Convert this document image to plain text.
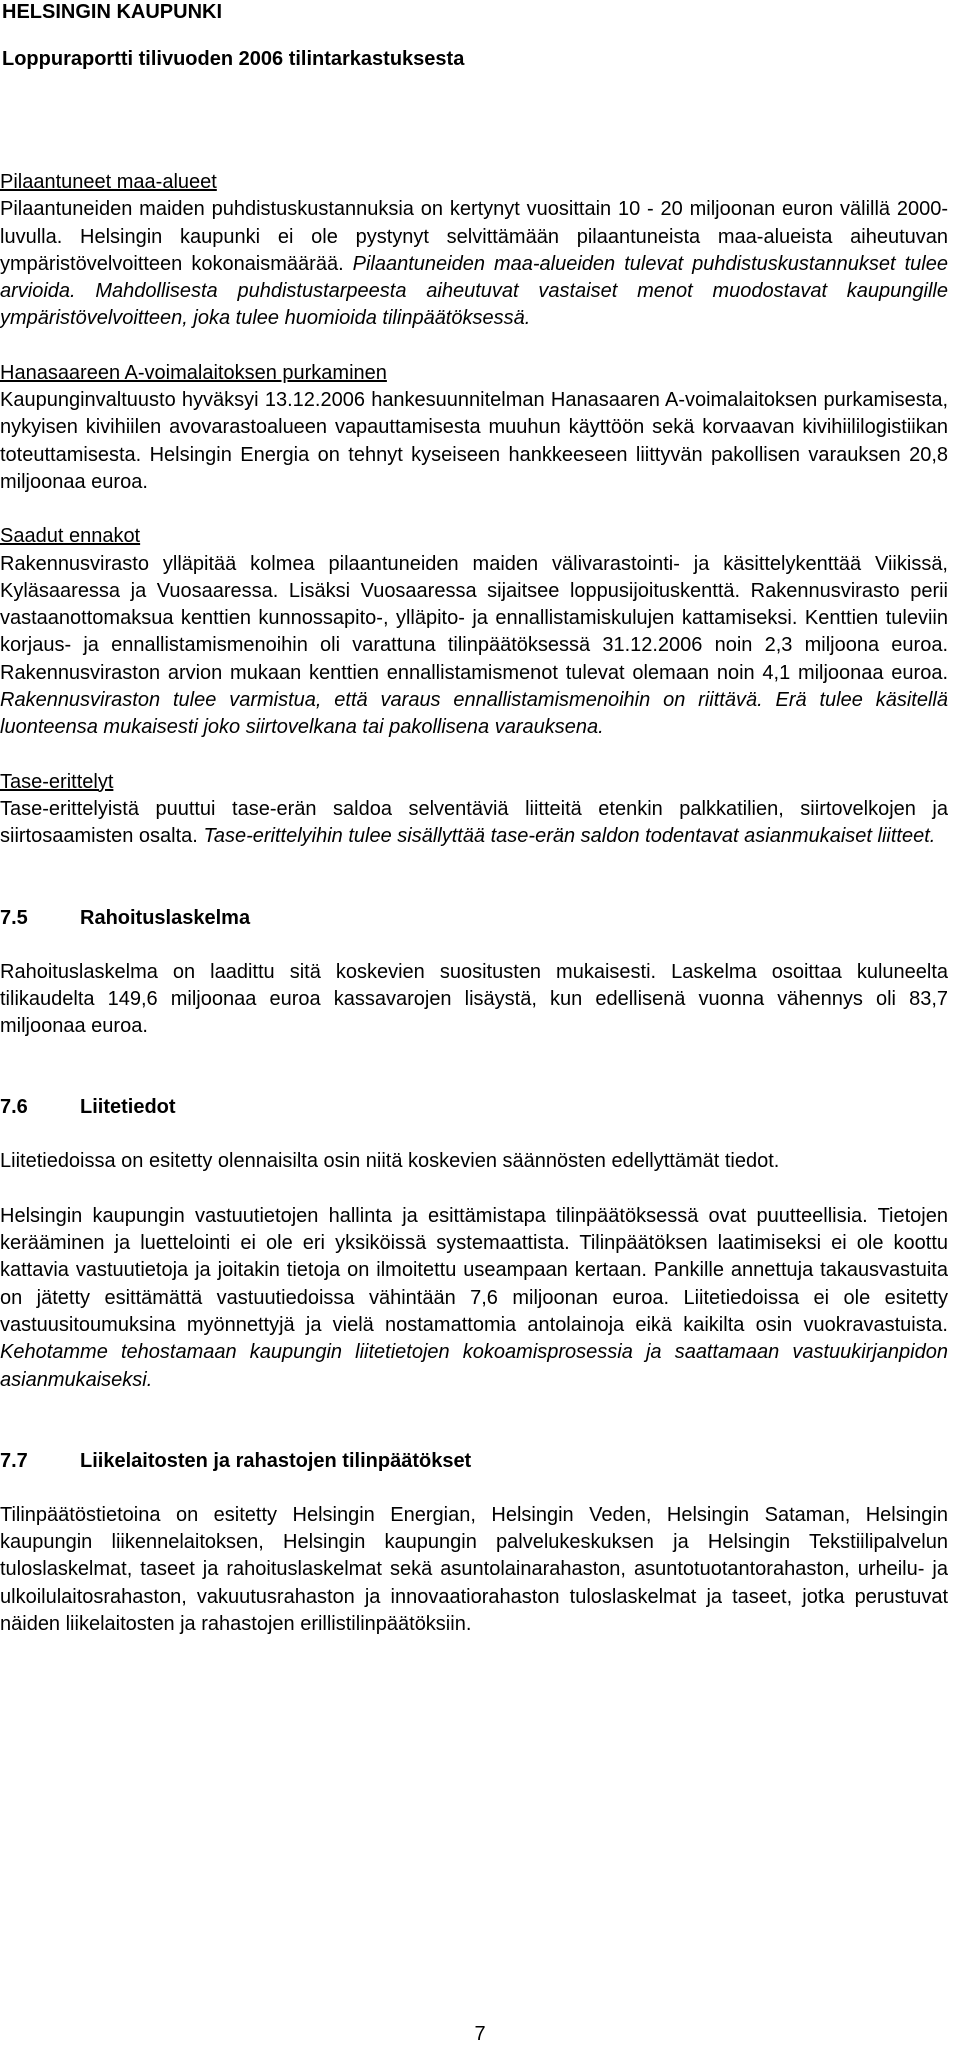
HELSINGIN KAUPUNKI
Loppuraportti tilivuoden 2006 tilintarkastuksesta

Pilaantuneet maa-alueet

Pilaantuneiden maiden puhdistuskustannuksia on kertynyt vuosittain 10 - 20 miljoonan euron välillä 2000-luvulla. Helsingin kaupunki ei ole pystynyt selvittämään pilaantuneista maa-alueista aiheutuvan ympäristövelvoitteen kokonaismäärää. Pilaantuneiden maa-alueiden tulevat puhdistuskustannukset tulee arvioida. Mahdollisesta puhdistustarpeesta aiheutuvat vastaiset menot muodostavat kaupungille ympäristövelvoitteen, joka tulee huomioida tilinpäätöksessä.

Hanasaareen A-voimalaitoksen purkaminen

Kaupunginvaltuusto hyväksyi 13.12.2006 hankesuunnitelman Hanasaaren A-voimalaitoksen purkamisesta, nykyisen kivihiilen avovarastoalueen vapauttamisesta muuhun käyttöön sekä korvaavan kivihiililogistiikan toteuttamisesta. Helsingin Energia on tehnyt kyseiseen hankkeeseen liittyvän pakollisen varauksen 20,8 miljoonaa euroa.

Saadut ennakot

Rakennusvirasto ylläpitää kolmea pilaantuneiden maiden välivarastointi- ja käsittelykenttää Viikissä, Kyläsaaressa ja Vuosaaressa. Lisäksi Vuosaaressa sijaitsee loppusijoituskenttä. Rakennusvirasto perii vastaanottomaksua kenttien kunnossapito-, ylläpito- ja ennallistamiskulujen kattamiseksi. Kenttien tuleviin korjaus- ja ennallistamismenoihin oli varattuna tilinpäätöksessä 31.12.2006 noin 2,3 miljoona euroa. Rakennusviraston arvion mukaan kenttien ennallistamismenot tulevat olemaan noin 4,1 miljoonaa euroa. Rakennusviraston tulee varmistua, että varaus ennallistamismenoihin on riittävä. Erä tulee käsitellä luonteensa mukaisesti joko siirtovelkana tai pakollisena varauksena.

Tase-erittelyt

Tase-erittelyistä puuttui tase-erän saldoa selventäviä liitteitä etenkin palkkatilien, siirtovelkojen ja siirtosaamisten osalta. Tase-erittelyihin tulee sisällyttää tase-erän saldon todentavat asianmukaiset liitteet.

7.5	Rahoituslaskelma

Rahoituslaskelma on laadittu sitä koskevien suositusten mukaisesti. Laskelma osoittaa kuluneelta tilikaudelta 149,6 miljoonaa euroa kassavarojen lisäystä, kun edellisenä vuonna vähennys oli 83,7 miljoonaa euroa.

7.6	Liitetiedot

Liitetiedoissa on esitetty olennaisilta osin niitä koskevien säännösten edellyttämät tiedot.

Helsingin kaupungin vastuutietojen hallinta ja esittämistapa tilinpäätöksessä ovat puutteellisia. Tietojen kerääminen ja luettelointi ei ole eri yksiköissä systemaattista. Tilinpäätöksen laatimiseksi ei ole koottu kattavia vastuutietoja ja joitakin tietoja on ilmoitettu useampaan kertaan. Pankille annettuja takausvastuita on jätetty esittämättä vastuutiedoissa vähintään 7,6 miljoonan euroa. Liitetiedoissa ei ole esitetty vastuusitoumuksina myönnettyjä ja vielä nostamattomia antolainoja eikä kaikilta osin vuokravastuista. Kehotamme tehostamaan kaupungin liitetietojen kokoamisprosessia ja saattamaan vastuukirjanpidon asianmukaiseksi.

7.7	Liikelaitosten ja rahastojen tilinpäätökset

Tilinpäätöstietoina on esitetty Helsingin Energian, Helsingin Veden, Helsingin Sataman, Helsingin kaupungin liikennelaitoksen, Helsingin kaupungin palvelukeskuksen ja Helsingin Tekstiilipalvelun tuloslaskelmat, taseet ja rahoituslaskelmat sekä asuntolainarahaston, asuntotuotantorahaston, urheilu- ja ulkoilulaitosrahaston, vakuutusrahaston ja innovaatiorahaston tuloslaskelmat ja taseet, jotka perustuvat näiden liikelaitosten ja rahastojen erillistilinpäätöksiin.

7
